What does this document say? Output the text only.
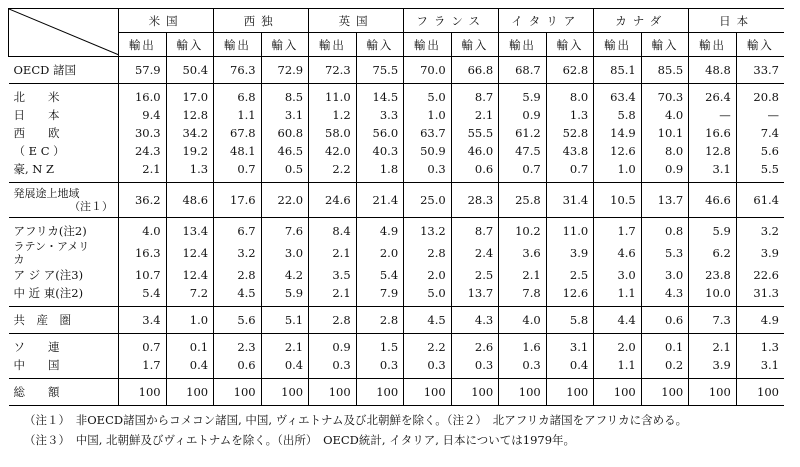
	米国		西独		英国		フランス		イタリア		カナダ		日本	
	輸出	輸入	輸出	輸入	輸出	輸入	輸出	輸入	輸出	輸入	輸出	輸入	輸出	輸入
OECD 諸国	57.9	50.4	76.3	72.9	72.3	75.5	70.0	66.8	68.7	62.8	85.1	85.5	48.8	33.7
北　　米	16.0	17.0	6.8	8.5	11.0	14.5	5.0	8.7	5.9	8.0	63.4	70.3	26.4	20.8
日　　本	9.4	12.8	1.1	3.1	1.2	3.3	1.0	2.1	0.9	1.3	5.8	4.0	—	—
西　　欧	30.3	34.2	67.8	60.8	58.0	56.0	63.7	55.5	61.2	52.8	14.9	10.1	16.6	7.4
（ E C ）	24.3	19.2	48.1	46.5	42.0	40.3	50.9	46.0	47.5	43.8	12.6	8.0	12.8	5.6
豪, N Z	2.1	1.3	0.7	0.5	2.2	1.8	0.3	0.6	0.7	0.7	1.0	0.9	3.1	5.5

発展途上地域
（注１）	36.2	48.6	17.6	22.0	24.6	21.4	25.0	28.3	25.8	31.4	10.5	13.7	46.6	61.4
アフリカ(注2)	4.0	13.4	6.7	7.6	8.4	4.9	13.2	8.7	10.2	11.0	1.7	0.8	5.9	3.2

ラテン・アメリ
カ	16.3	12.4	3.2	3.0	2.1	2.0	2.8	2.4	3.6	3.9	4.6	5.3	6.2	3.9
ア ジ ア(注3)	10.7	12.4	2.8	4.2	3.5	5.4	2.0	2.5	2.1	2.5	3.0	3.0	23.8	22.6
中 近 東(注2)	5.4	7.2	4.5	5.9	2.1	7.9	5.0	13.7	7.8	12.6	1.1	4.3	10.0	31.3
共　産　圏	3.4	1.0	5.6	5.1	2.8	2.8	4.5	4.3	4.0	5.8	4.4	0.6	7.3	4.9
ソ　　連	0.7	0.1	2.3	2.1	0.9	1.5	2.2	2.6	1.6	3.1	2.0	0.1	2.1	1.3
中　　国	1.7	0.4	0.6	0.4	0.3	0.3	0.3	0.3	0.3	0.4	1.1	0.2	3.9	3.1
総　　額	100	100	100	100	100	100	100	100	100	100	100	100	100	100
（注１）　非OECD諸国からコメコン諸国, 中国, ヴィエトナム及び北朝鮮を除く。（注２）　北アフリカ諸国をアフリカに含める。
（注３）　中国, 北朝鮮及びヴィエトナムを除く。（出所）　OECD統計, イタリア, 日本については1979年。
